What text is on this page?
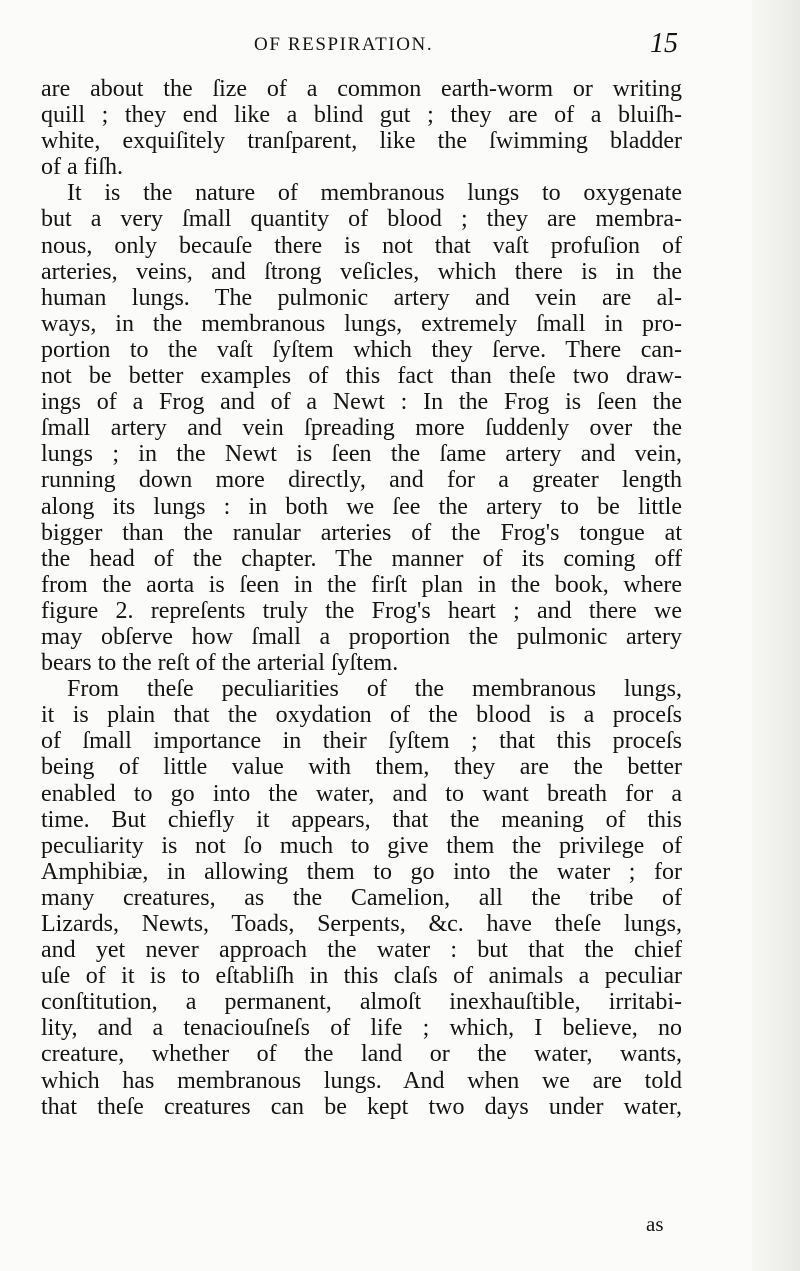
OF RESPIRATION.	15
are about the ſize of a common earth-worm or writing
quill ; they end like a blind gut ; they are of a bluiſh-
white, exquiſitely tranſparent, like the ſwimming bladder
of a fiſh.
It is the nature of membranous lungs to oxygenate
but a very ſmall quantity of blood ; they are membra-
nous, only becauſe there is not that vaſt profuſion of
arteries, veins, and ſtrong veſicles, which there is in the
human lungs. The pulmonic artery and vein are al-
ways, in the membranous lungs, extremely ſmall in pro-
portion to the vaſt ſyſtem which they ſerve. There can-
not be better examples of this fact than theſe two draw-
ings of a Frog and of a Newt : In the Frog is ſeen the
ſmall artery and vein ſpreading more ſuddenly over the
lungs ; in the Newt is ſeen the ſame artery and vein,
running down more directly, and for a greater length
along its lungs : in both we ſee the artery to be little
bigger than the ranular arteries of the Frog's tongue at
the head of the chapter. The manner of its coming off
from the aorta is ſeen in the firſt plan in the book, where
figure 2. repreſents truly the Frog's heart ; and there we
may obſerve how ſmall a proportion the pulmonic artery
bears to the reſt of the arterial ſyſtem.
From theſe peculiarities of the membranous lungs,
it is plain that the oxydation of the blood is a proceſs
of ſmall importance in their ſyſtem ; that this proceſs
being of little value with them, they are the better
enabled to go into the water, and to want breath for a
time. But chiefly it appears, that the meaning of this
peculiarity is not ſo much to give them the privilege of
Amphibiæ, in allowing them to go into the water ; for
many creatures, as the Camelion, all the tribe of
Lizards, Newts, Toads, Serpents, &c. have theſe lungs,
and yet never approach the water : but that the chief
uſe of it is to eſtabliſh in this claſs of animals a peculiar
conſtitution, a permanent, almoſt inexhauſtible, irritabi-
lity, and a tenaciouſneſs of life ; which, I believe, no
creature, whether of the land or the water, wants,
which has membranous lungs. And when we are told
that theſe creatures can be kept two days under water,
as
